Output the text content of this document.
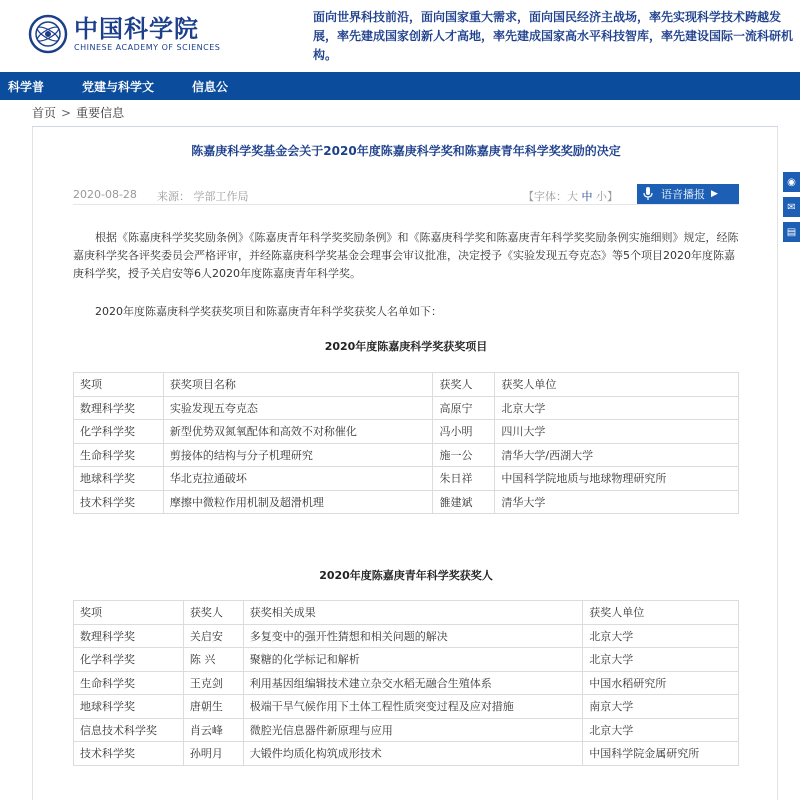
中国科学院
CHINESE ACADEMY OF SCIENCES
面向世界科技前沿，面向国家重大需求，面向国民经济主战场，率先实现科学技术跨越发展，率先建成国家创新人才高地，率先建成国家高水平科技智库，率先建设国际一流科研机构。
科学普	党建与科学文	信息公
首页 > 重要信息
陈嘉庚科学奖基金会关于2020年度陈嘉庚科学奖和陈嘉庚青年科学奖奖励的决定
2020-08-28 来源： 学部工作局	【字体：大 中 小】	语音播报 ▶

根据《陈嘉庚科学奖奖励条例》《陈嘉庚青年科学奖奖励条例》和《陈嘉庚科学奖和陈嘉庚青年科学奖奖励条例实施细则》规定，经陈嘉庚科学奖各评奖委员会严格评审，并经陈嘉庚科学奖基金会理事会审议批准，决定授予《实验发现五夸克态》等5个项目2020年度陈嘉庚科学奖，授予关启安等6人2020年度陈嘉庚青年科学奖。

2020年度陈嘉庚科学奖获奖项目和陈嘉庚青年科学奖获奖人名单如下：

2020年度陈嘉庚科学奖获奖项目
奖项	获奖项目名称	获奖人	获奖人单位
数理科学奖	实验发现五夸克态	高原宁	北京大学
化学科学奖	新型优势双氮氧配体和高效不对称催化	冯小明	四川大学
生命科学奖	剪接体的结构与分子机理研究	施一公	清华大学/西湖大学
地球科学奖	华北克拉通破坏	朱日祥	中国科学院地质与地球物理研究所
技术科学奖	摩擦中微粒作用机制及超滑机理	雒建斌	清华大学
2020年度陈嘉庚青年科学奖获奖人
奖项	获奖人	获奖相关成果	获奖人单位
数理科学奖	关启安	多复变中的强开性猜想和相关问题的解决	北京大学
化学科学奖	陈 兴	聚糖的化学标记和解析	北京大学
生命科学奖	王克剑	利用基因组编辑技术建立杂交水稻无融合生殖体系	中国水稻研究所
地球科学奖	唐朝生	极端干旱气候作用下土体工程性质突变过程及应对措施	南京大学
信息技术科学奖	肖云峰	微腔光信息器件新原理与应用	北京大学
技术科学奖	孙明月	大锻件均质化构筑成形技术	中国科学院金属研究所
◉
✉
▤
